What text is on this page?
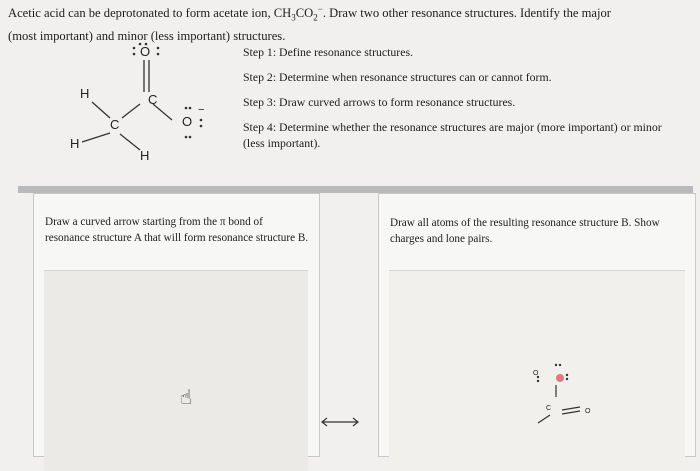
Acetic acid can be deprotonated to form acetate ion, $CH_3CO_2^-$. Draw two other resonance structures. Identify the major
(most important) and minor (less important) structures.
O
C
C	O
−
H
H
H
Step 1: Define resonance structures.
Step 2: Determine when resonance structures can or cannot form.
Step 3: Draw curved arrows to form resonance structures.
Step 4: Determine whether the resonance structures are major (more important) or minor (less important).
Draw a curved arrow starting from the π bond of resonance structure A that will form resonance structure B.
☝
Draw all atoms of the resulting resonance structure B. Show charges and lone pairs.
O
C	O
